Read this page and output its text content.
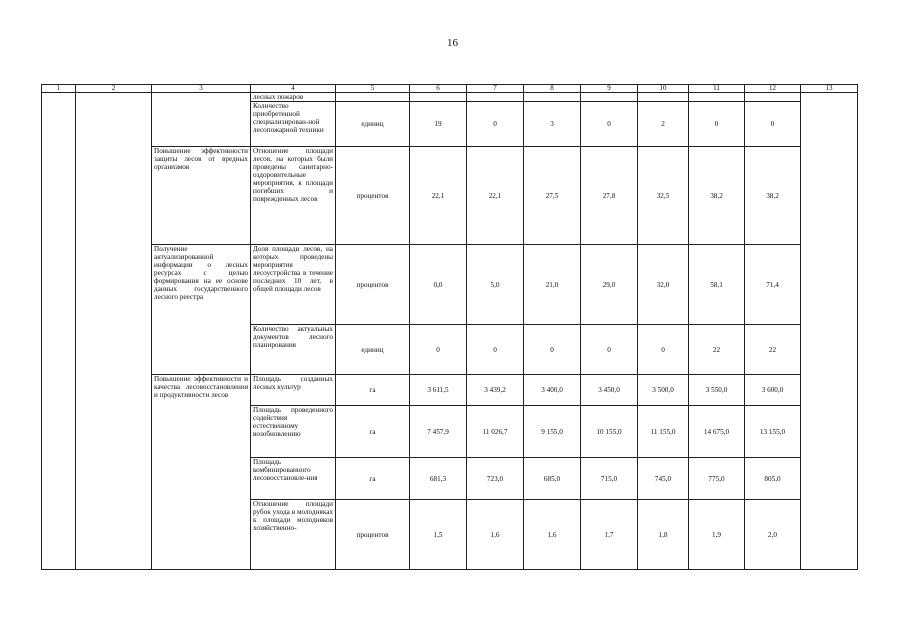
16
1	2	3	4	5	6	7	8	9	10	11	12	13
			лесных пожаров									
			Количество приобретенной специализирован-ной лесопожарной техники	единиц	19	0	3	0	2	0	0	
		Повышение эффективности защиты лесов от вредных организмов	Отношение площади лесов, на которых были проведены санитарно-оздоровительные мероприятия, к площади погибших и поврежденных лесов	процентов	22,1	22,1	27,5	27,8	32,5	38,2	38,2	
		Получение актуализированной информации о лесных ресурсах с целью формирования на ее основе данных государственного лесного реестра	Доля площади лесов, на которых проведены мероприятия лесоустройства в течение последних 10 лет, в общей площади лесов	процентов	0,0	5,0	21,0	29,0	32,0	58,1	71,4	
			Количество актуальных документов лесного планирования	единиц	0	0	0	0	0	22	22	
		Повышение эффективности и качества лесовосстановления и продуктивности лесов	Площадь созданных лесных культур	га	3 611,5	3 439,2	3 400,0	3 450,0	3 500,0	3 550,0	3 600,0	
			Площадь проведенного содействия естественному возобновлению	га	7 457,9	11 026,7	9 155,0	10 155,0	11 155,0	14 675,0	13 155,0	
			Площадь комбинированного лесовосстановле-ния	га	681,3	723,0	685,0	715,0	745,0	775,0	805,0	
			Отношение площади рубок ухода в молодняках к площади молодняков хозяйственно-	процентов	1,5	1,6	1,6	1,7	1,8	1,9	2,0	
